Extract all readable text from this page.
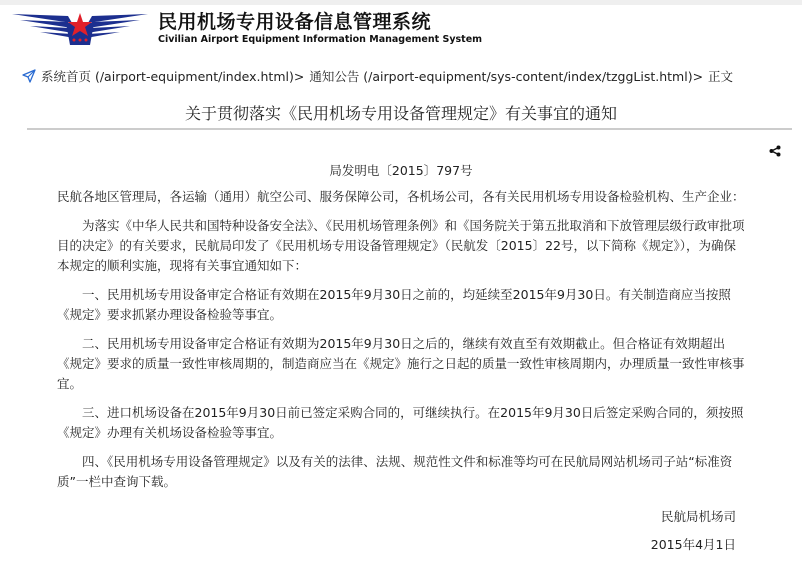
民用机场专用设备信息管理系统
Civilian Airport Equipment Information Management System
系统首页 (/airport-equipment/index.html)> 通知公告 (/airport-equipment/sys-content/index/tzggList.html)> 正文
关于贯彻落实《民用机场专用设备管理规定》有关事宜的通知
局发明电〔2015〕797号

民航各地区管理局，各运输（通用）航空公司、服务保障公司，各机场公司，各有关民用机场专用设备检验机构、生产企业：

为落实《中华人民共和国特种设备安全法》、《民用机场管理条例》和《国务院关于第五批取消和下放管理层级行政审批项目的决定》的有关要求，民航局印发了《民用机场专用设备管理规定》（民航发〔2015〕22号，以下简称《规定》），为确保本规定的顺利实施，现将有关事宜通知如下：

一、民用机场专用设备审定合格证有效期在2015年9月30日之前的，均延续至2015年9月30日。有关制造商应当按照《规定》要求抓紧办理设备检验等事宜。

二、民用机场专用设备审定合格证有效期为2015年9月30日之后的，继续有效直至有效期截止。但合格证有效期超出《规定》要求的质量一致性审核周期的，制造商应当在《规定》施行之日起的质量一致性审核周期内，办理质量一致性审核事宜。

三、进口机场设备在2015年9月30日前已签定采购合同的，可继续执行。在2015年9月30日后签定采购合同的，须按照《规定》办理有关机场设备检验等事宜。

四、《民用机场专用设备管理规定》以及有关的法律、法规、规范性文件和标准等均可在民航局网站机场司子站“标准资质”一栏中查询下载。

民航局机场司
2015年4月1日
